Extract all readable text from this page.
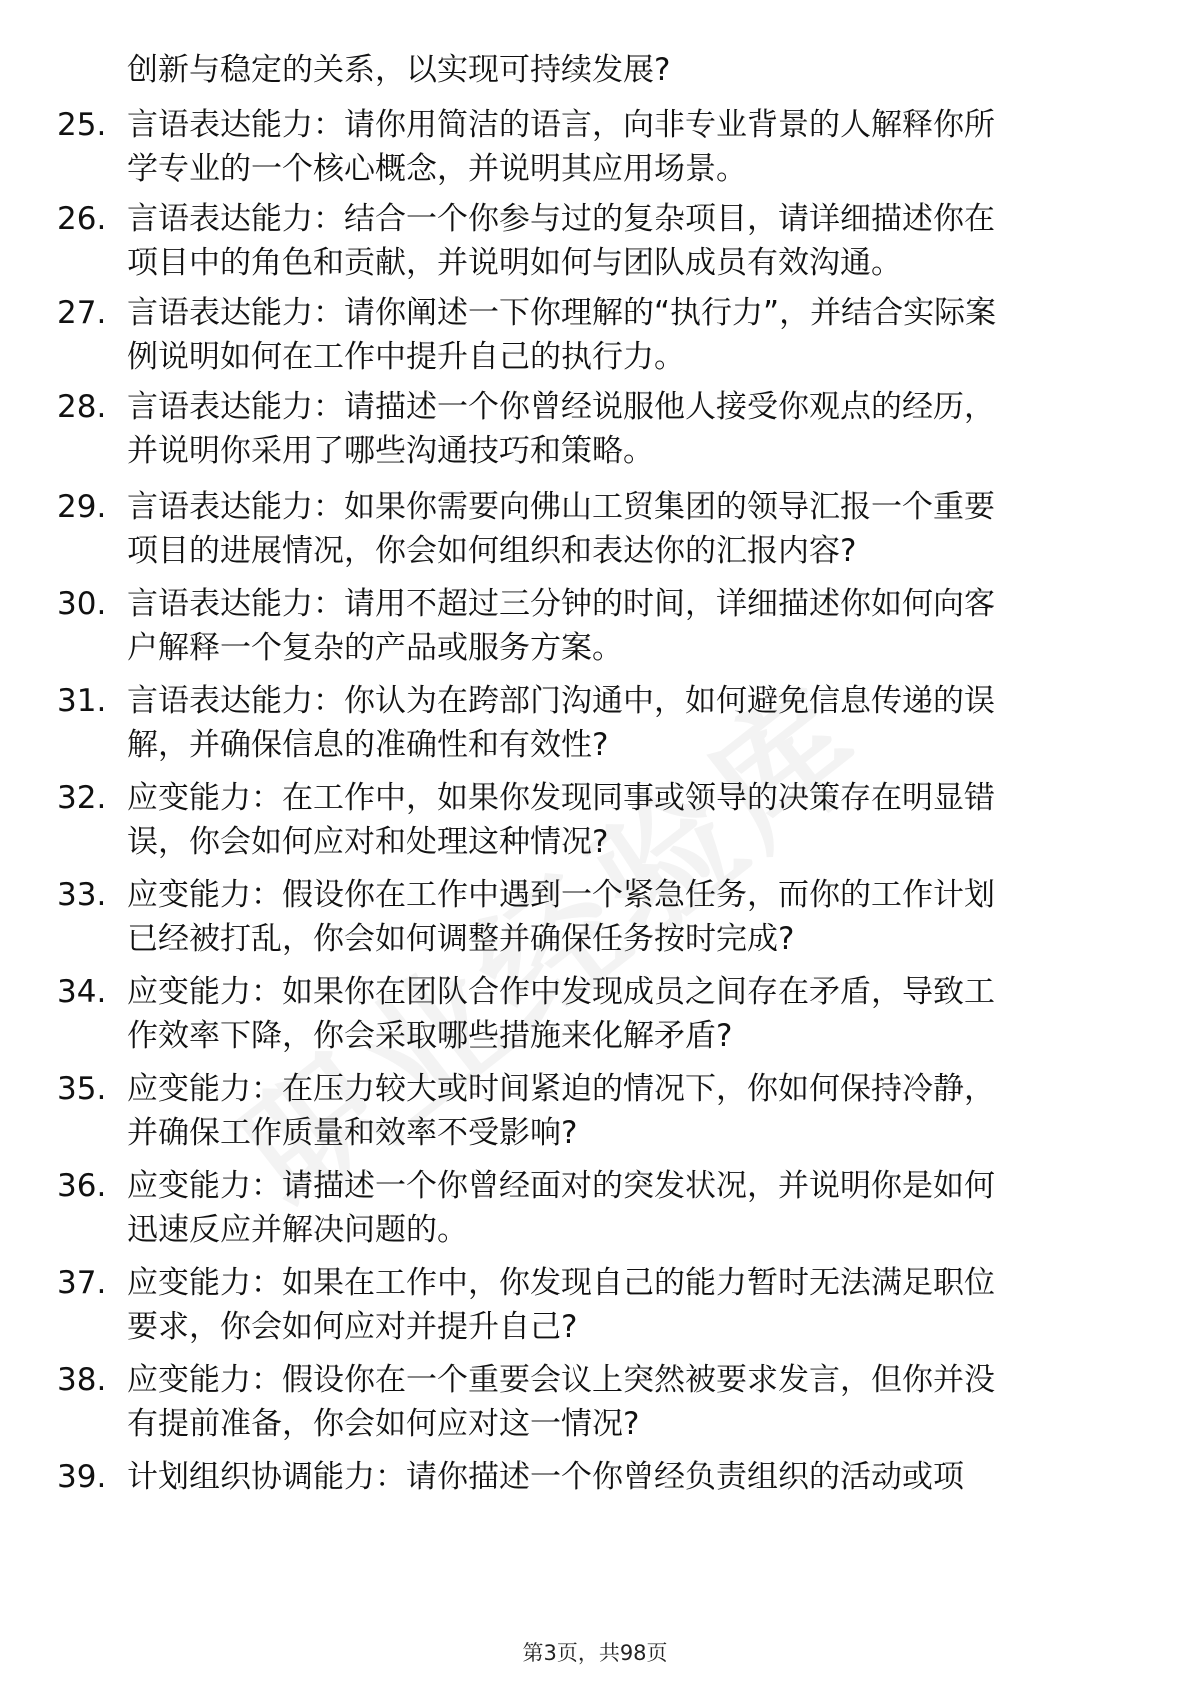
创新与稳定的关系，以实现可持续发展?
25. 言语表达能力：请你用简洁的语言，向非专业背景的人解释你所
学专业的一个核心概念，并说明其应用场景。
26. 言语表达能力：结合一个你参与过的复杂项目，请详细描述你在
项目中的角色和贡献，并说明如何与团队成员有效沟通。
27. 言语表达能力：请你阐述一下你理解的“执行力”，并结合实际案
例说明如何在工作中提升自己的执行力。
28. 言语表达能力：请描述一个你曾经说服他人接受你观点的经历，
并说明你采用了哪些沟通技巧和策略。
29. 言语表达能力：如果你需要向佛山工贸集团的领导汇报一个重要
项目的进展情况，你会如何组织和表达你的汇报内容?
30. 言语表达能力：请用不超过三分钟的时间，详细描述你如何向客
户解释一个复杂的产品或服务方案。
31. 言语表达能力：你认为在跨部门沟通中，如何避免信息传递的误
解，并确保信息的准确性和有效性?
32. 应变能力：在工作中，如果你发现同事或领导的决策存在明显错
误，你会如何应对和处理这种情况?
33. 应变能力：假设你在工作中遇到一个紧急任务，而你的工作计划
已经被打乱，你会如何调整并确保任务按时完成?
34. 应变能力：如果你在团队合作中发现成员之间存在矛盾，导致工
作效率下降，你会采取哪些措施来化解矛盾?
35. 应变能力：在压力较大或时间紧迫的情况下，你如何保持冷静，
并确保工作质量和效率不受影响?
36. 应变能力：请描述一个你曾经面对的突发状况，并说明你是如何
迅速反应并解决问题的。
37. 应变能力：如果在工作中，你发现自己的能力暂时无法满足职位
要求，你会如何应对并提升自己?
38. 应变能力：假设你在一个重要会议上突然被要求发言，但你并没
有提前准备，你会如何应对这一情况?
39. 计划组织协调能力：请你描述一个你曾经负责组织的活动或项
第3页，共98页
